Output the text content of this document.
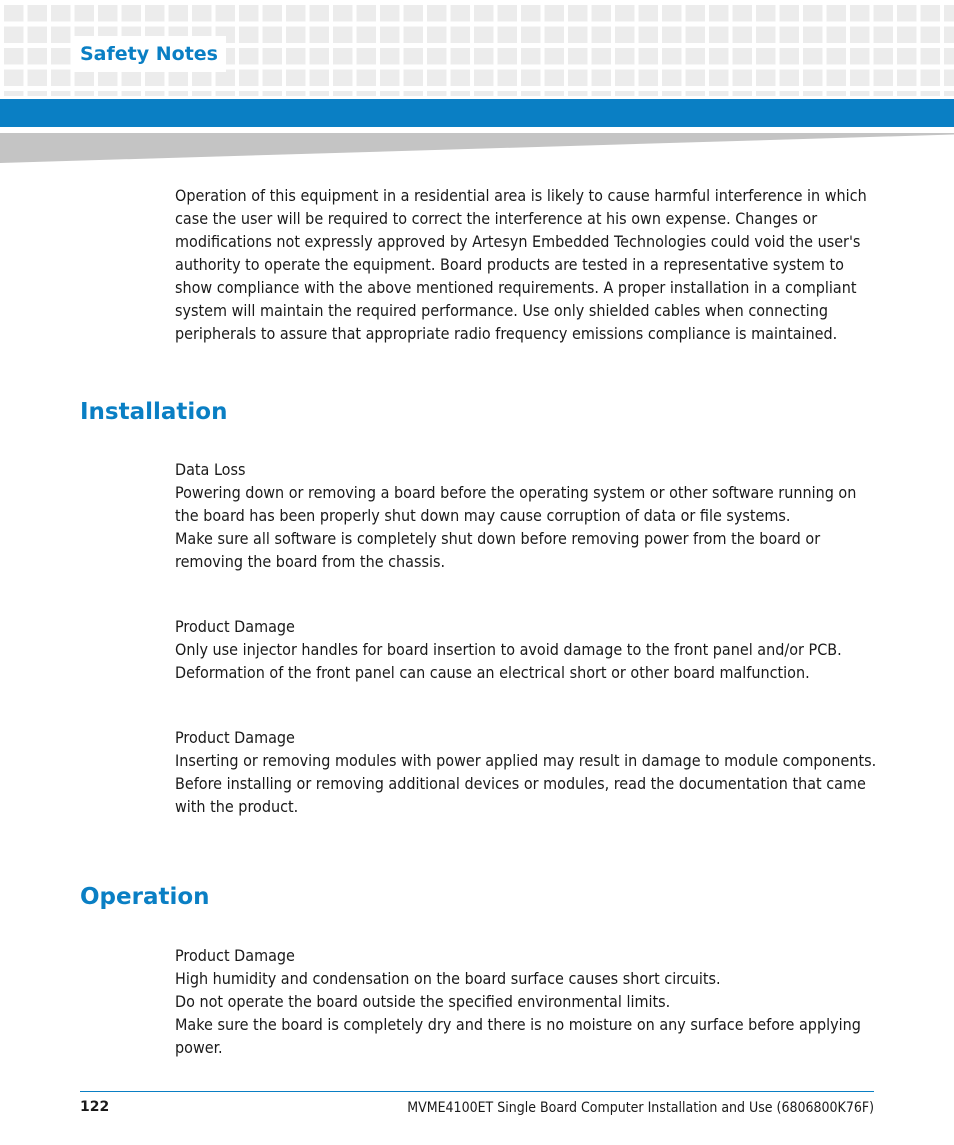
Safety Notes

Operation of this equipment in a residential area is likely to cause harmful interference in which case the user will be required to correct the interference at his own expense. Changes or modifications not expressly approved by Artesyn Embedded Technologies could void the user's authority to operate the equipment. Board products are tested in a representative system to show compliance with the above mentioned requirements. A proper installation in a compliant system will maintain the required performance. Use only shielded cables when connecting peripherals to assure that appropriate radio frequency emissions compliance is maintained.

Installation

Data Loss

Powering down or removing a board before the operating system or other software running on the board has been properly shut down may cause corruption of data or file systems.

Make sure all software is completely shut down before removing power from the board or removing the board from the chassis.

Product Damage

Only use injector handles for board insertion to avoid damage to the front panel and/or PCB. Deformation of the front panel can cause an electrical short or other board malfunction.

Product Damage

Inserting or removing modules with power applied may result in damage to module components.

Before installing or removing additional devices or modules, read the documentation that came with the product.

Operation

Product Damage

High humidity and condensation on the board surface causes short circuits.

Do not operate the board outside the specified environmental limits.

Make sure the board is completely dry and there is no moisture on any surface before applying power.

122	MVME4100ET Single Board Computer Installation and Use (6806800K76F)
